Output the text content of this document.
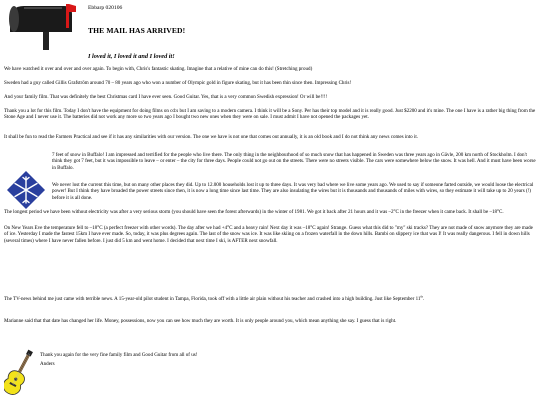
Ebbarp 020106
THE MAIL HAS ARRIVED!
I loved it, I loved it and I loved it!

We have watched it over and over and over again. To begin with, Chris's fantastic skating. Imagine that a relative of mine can do this! (Stretching proud)

Sweden had a guy called Gillis Grafström around 70 – 80 years ago who won a number of Olympic gold in figure skating, but it has been thin since then. Impressing Chris!

And your family film. That was definitely the best Christmas card I have ever seen. Good Guitar. Yes, that is a very common Swedish expression! Or will be!!!!

Thank you a lot for this film. Today I don't have the equipment for doing films on cd:s but I am saving to a modern camera. I think it will be a Sony. Per has their top model and it is really good. Just $2200 and it's mine. The one I have is a rather big thing from the Stone Age and I never use it. The batteries did not work any more so two years ago I bought two new ones when they were on sale. I must admit I have not opened the packages yet.

It shall be fun to read the Farmers Practical and see if it has any similarities with our version. The one we have is not one that comes out annually, it is an old book and I do not think any news comes into it.

7 feet of snow in Buffalo! I am impressed and terrified for the people who live there. The only thing in the neighbourhood of so much snow that has happened in Sweden was three years ago in Gävle, 200 km north of Stockholm. I don't think they got 7 feet, but it was impossible to leave – or enter – the city for three days. People could not go out on the streets. There were no streets visible. The cars were somewhere below the snow. It was hell. And it must have been worse in Buffalo.

We never lost the current this time, but on many other places they did. Up to 12.000 households lost it up to three days. It was very bad where we live some years ago. We used to say if someone farted outside, we would loose the electrical power! But I think they have broaded the power streets since then, it is now a long time since last time. They are also insulating the wires but it is thousands and thousands of miles with wires, so they estimate it will take up to 20 years (!) before it is all done.

The longest period we have been without electricity was after a very serious storm (you should have seen the forest afterwards) in the winter of 1981. We got it back after 21 hours and it was –2°C in the freezer when it came back. It shall be –18°C.

On New Years Eve the temperature fell to –18°C (a perfect freezer with other words). The day after we had +4°C and a heavy rain! Next day it was –18°C again! Strange. Guess what this did to "my" ski tracks? They are not made of snow anymore they are made of ice. Yesterday I made the fastest 15km I have ever made. So, today, it was plus degrees again. The last of the snow was ice. It was like skiing on a frozen waterfall in the down hills. Bambi on slippery ice that was I! It was really dangerous. I fell in down hills (several times) where I have never fallen before. I just did 5 km and went home. I decided that next time I ski, is AFTER next snowfall.

The TV-news behind me just came with terrible news. A 15-year-old pilot student in Tampa, Florida, took off with a little air plain without his teacher and crashed into a high building. Just like September 11th.

Marianne said that that date has changed her life. Money, possessions, now you can see how much they are worth. It is only people around you, which mean anything she say. I guess that is right.

Thank you again for the very fine family film and Good Guitar from all of us!

Anders
